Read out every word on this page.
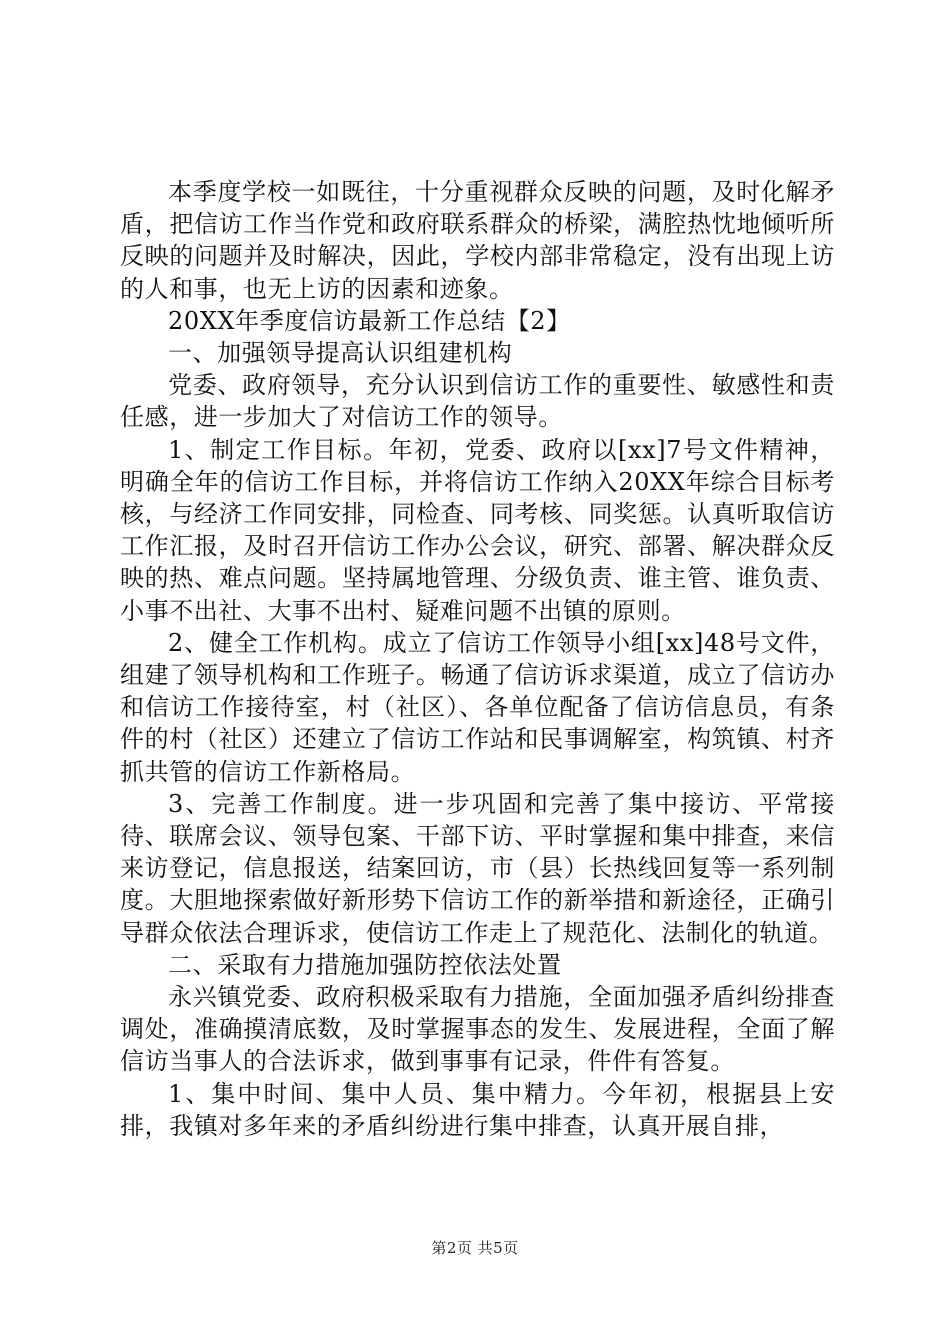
本季度学校一如既往，十分重视群众反映的问题，及时化解矛盾，把信访工作当作党和政府联系群众的桥梁，满腔热忱地倾听所反映的问题并及时解决，因此，学校内部非常稳定，没有出现上访的人和事，也无上访的因素和迹象。

20XX年季度信访最新工作总结【2】

一、加强领导提高认识组建机构

党委、政府领导，充分认识到信访工作的重要性、敏感性和责任感，进一步加大了对信访工作的领导。

1、制定工作目标。年初，党委、政府以[xx]7号文件精神，明确全年的信访工作目标，并将信访工作纳入20XX年综合目标考核，与经济工作同安排，同检查、同考核、同奖惩。认真听取信访工作汇报，及时召开信访工作办公会议，研究、部署、解决群众反映的热、难点问题。坚持属地管理、分级负责、谁主管、谁负责、小事不出社、大事不出村、疑难问题不出镇的原则。

2、健全工作机构。成立了信访工作领导小组[xx]48号文件，组建了领导机构和工作班子。畅通了信访诉求渠道，成立了信访办和信访工作接待室，村（社区）、各单位配备了信访信息员，有条件的村（社区）还建立了信访工作站和民事调解室，构筑镇、村齐抓共管的信访工作新格局。

3、完善工作制度。进一步巩固和完善了集中接访、平常接待、联席会议、领导包案、干部下访、平时掌握和集中排查，来信来访登记，信息报送，结案回访，市（县）长热线回复等一系列制度。大胆地探索做好新形势下信访工作的新举措和新途径，正确引导群众依法合理诉求，使信访工作走上了规范化、法制化的轨道。

二、采取有力措施加强防控依法处置

永兴镇党委、政府积极采取有力措施，全面加强矛盾纠纷排查调处，准确摸清底数，及时掌握事态的发生、发展进程，全面了解信访当事人的合法诉求，做到事事有记录，件件有答复。

1、集中时间、集中人员、集中精力。今年初，根据县上安排，我镇对多年来的矛盾纠纷进行集中排查，认真开展自排，

第2页 共5页
